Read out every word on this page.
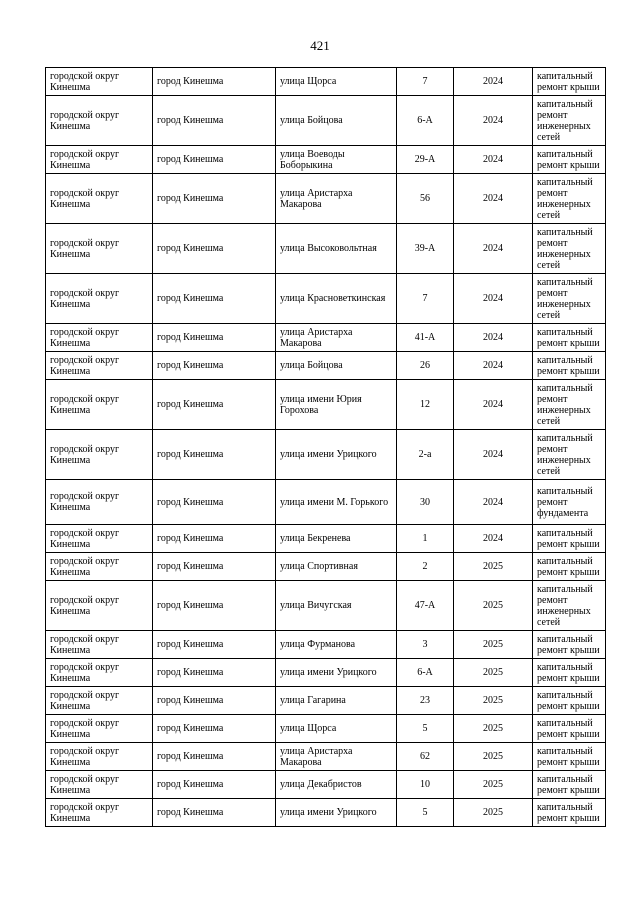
421
городской округ Кинешма	город Кинешма	улица Щорса	7	2024	капитальный ремонт крыши
городской округ Кинешма	город Кинешма	улица Бойцова	6-А	2024	капитальный ремонт инженерных сетей
городской округ Кинешма	город Кинешма	улица Воеводы Боборыкина	29-А	2024	капитальный ремонт крыши
городской округ Кинешма	город Кинешма	улица Аристарха Макарова	56	2024	капитальный ремонт инженерных сетей
городской округ Кинешма	город Кинешма	улица Высоковольтная	39-А	2024	капитальный ремонт инженерных сетей
городской округ Кинешма	город Кинешма	улица Красноветкинская	7	2024	капитальный ремонт инженерных сетей
городской округ Кинешма	город Кинешма	улица Аристарха Макарова	41-А	2024	капитальный ремонт крыши
городской округ Кинешма	город Кинешма	улица Бойцова	26	2024	капитальный ремонт крыши
городской округ Кинешма	город Кинешма	улица имени Юрия Горохова	12	2024	капитальный ремонт инженерных сетей
городской округ Кинешма	город Кинешма	улица имени Урицкого	2-а	2024	капитальный ремонт инженерных сетей
городской округ Кинешма	город Кинешма	улица имени М. Горького	30	2024	капитальный ремонт фундамента
городской округ Кинешма	город Кинешма	улица Бекренева	1	2024	капитальный ремонт крыши
городской округ Кинешма	город Кинешма	улица Спортивная	2	2025	капитальный ремонт крыши
городской округ Кинешма	город Кинешма	улица Вичугская	47-А	2025	капитальный ремонт инженерных сетей
городской округ Кинешма	город Кинешма	улица Фурманова	3	2025	капитальный ремонт крыши
городской округ Кинешма	город Кинешма	улица имени Урицкого	6-А	2025	капитальный ремонт крыши
городской округ Кинешма	город Кинешма	улица Гагарина	23	2025	капитальный ремонт крыши
городской округ Кинешма	город Кинешма	улица Щорса	5	2025	капитальный ремонт крыши
городской округ Кинешма	город Кинешма	улица Аристарха Макарова	62	2025	капитальный ремонт крыши
городской округ Кинешма	город Кинешма	улица Декабристов	10	2025	капитальный ремонт крыши
городской округ Кинешма	город Кинешма	улица имени Урицкого	5	2025	капитальный ремонт крыши
